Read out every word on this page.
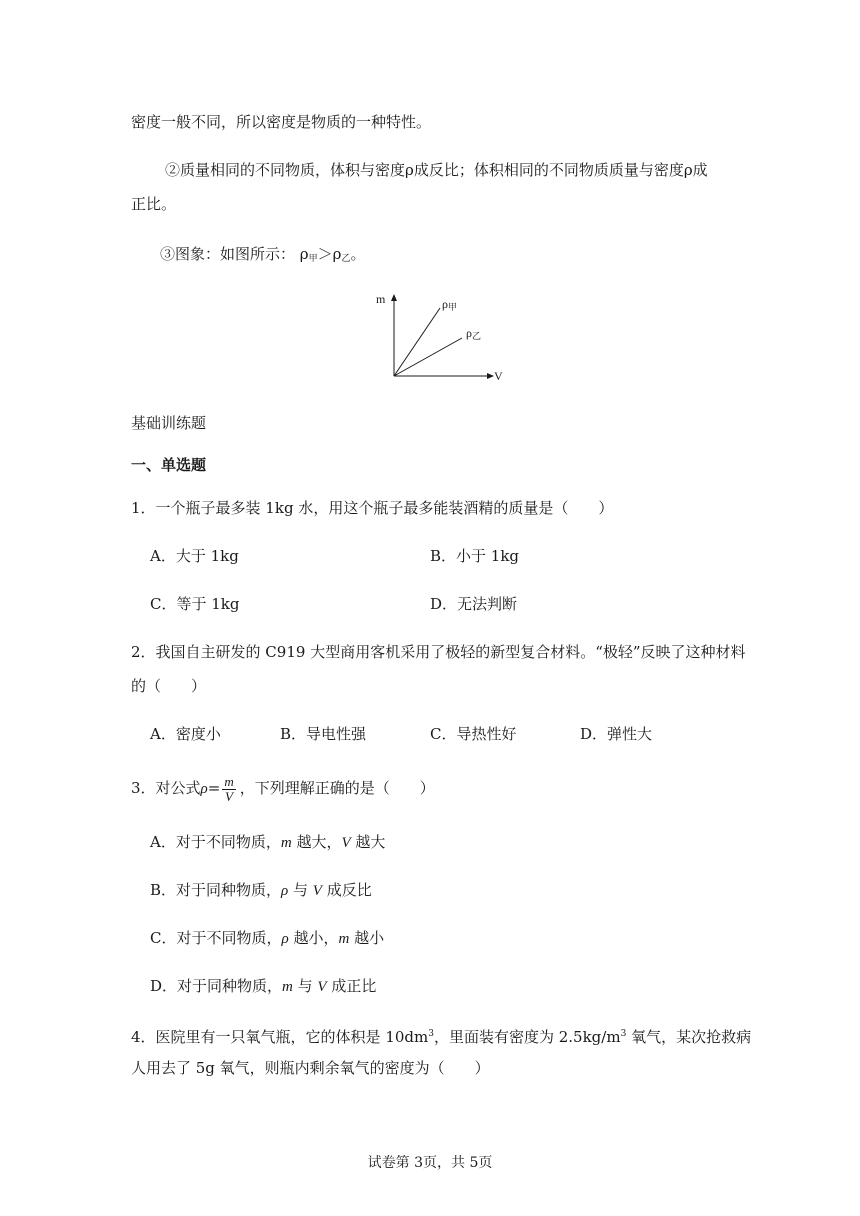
密度一般不同，所以密度是物质的一种特性。
②质量相同的不同物质，体积与密度ρ成反比；体积相同的不同物质质量与密度ρ成
正比。
③图象：如图所示： $\rho_甲>\rho_乙$。
m
V
$\rho_甲$
$\rho_乙$
基础训练题
一、单选题
1．一个瓶子最多装 1kg 水，用这个瓶子最多能装酒精的质量是（　　）
A．大于 1kg	B．小于 1kg
C．等于 1kg	D．无法判断
2．我国自主研发的 C919 大型商用客机采用了极轻的新型复合材料。“极轻”反映了这种材料
的（　　）
A．密度小	B．导电性强	C．导热性好	D．弹性大
3．对公式$\rho= \frac{m}{V}$ ，下列理解正确的是（　　）
A．对于不同物质，m 越大，V 越大
B．对于同种物质，ρ 与 V 成反比
C．对于不同物质，ρ 越小，m 越小
D．对于同种物质，m 与 V 成正比
4．医院里有一只氧气瓶，它的体积是 $10dm^3$，里面装有密度为 $2.5kg/m^3$ 氧气，某次抢救病
人用去了 5g 氧气，则瓶内剩余氧气的密度为（　　）
试卷第 3页，共 5页
